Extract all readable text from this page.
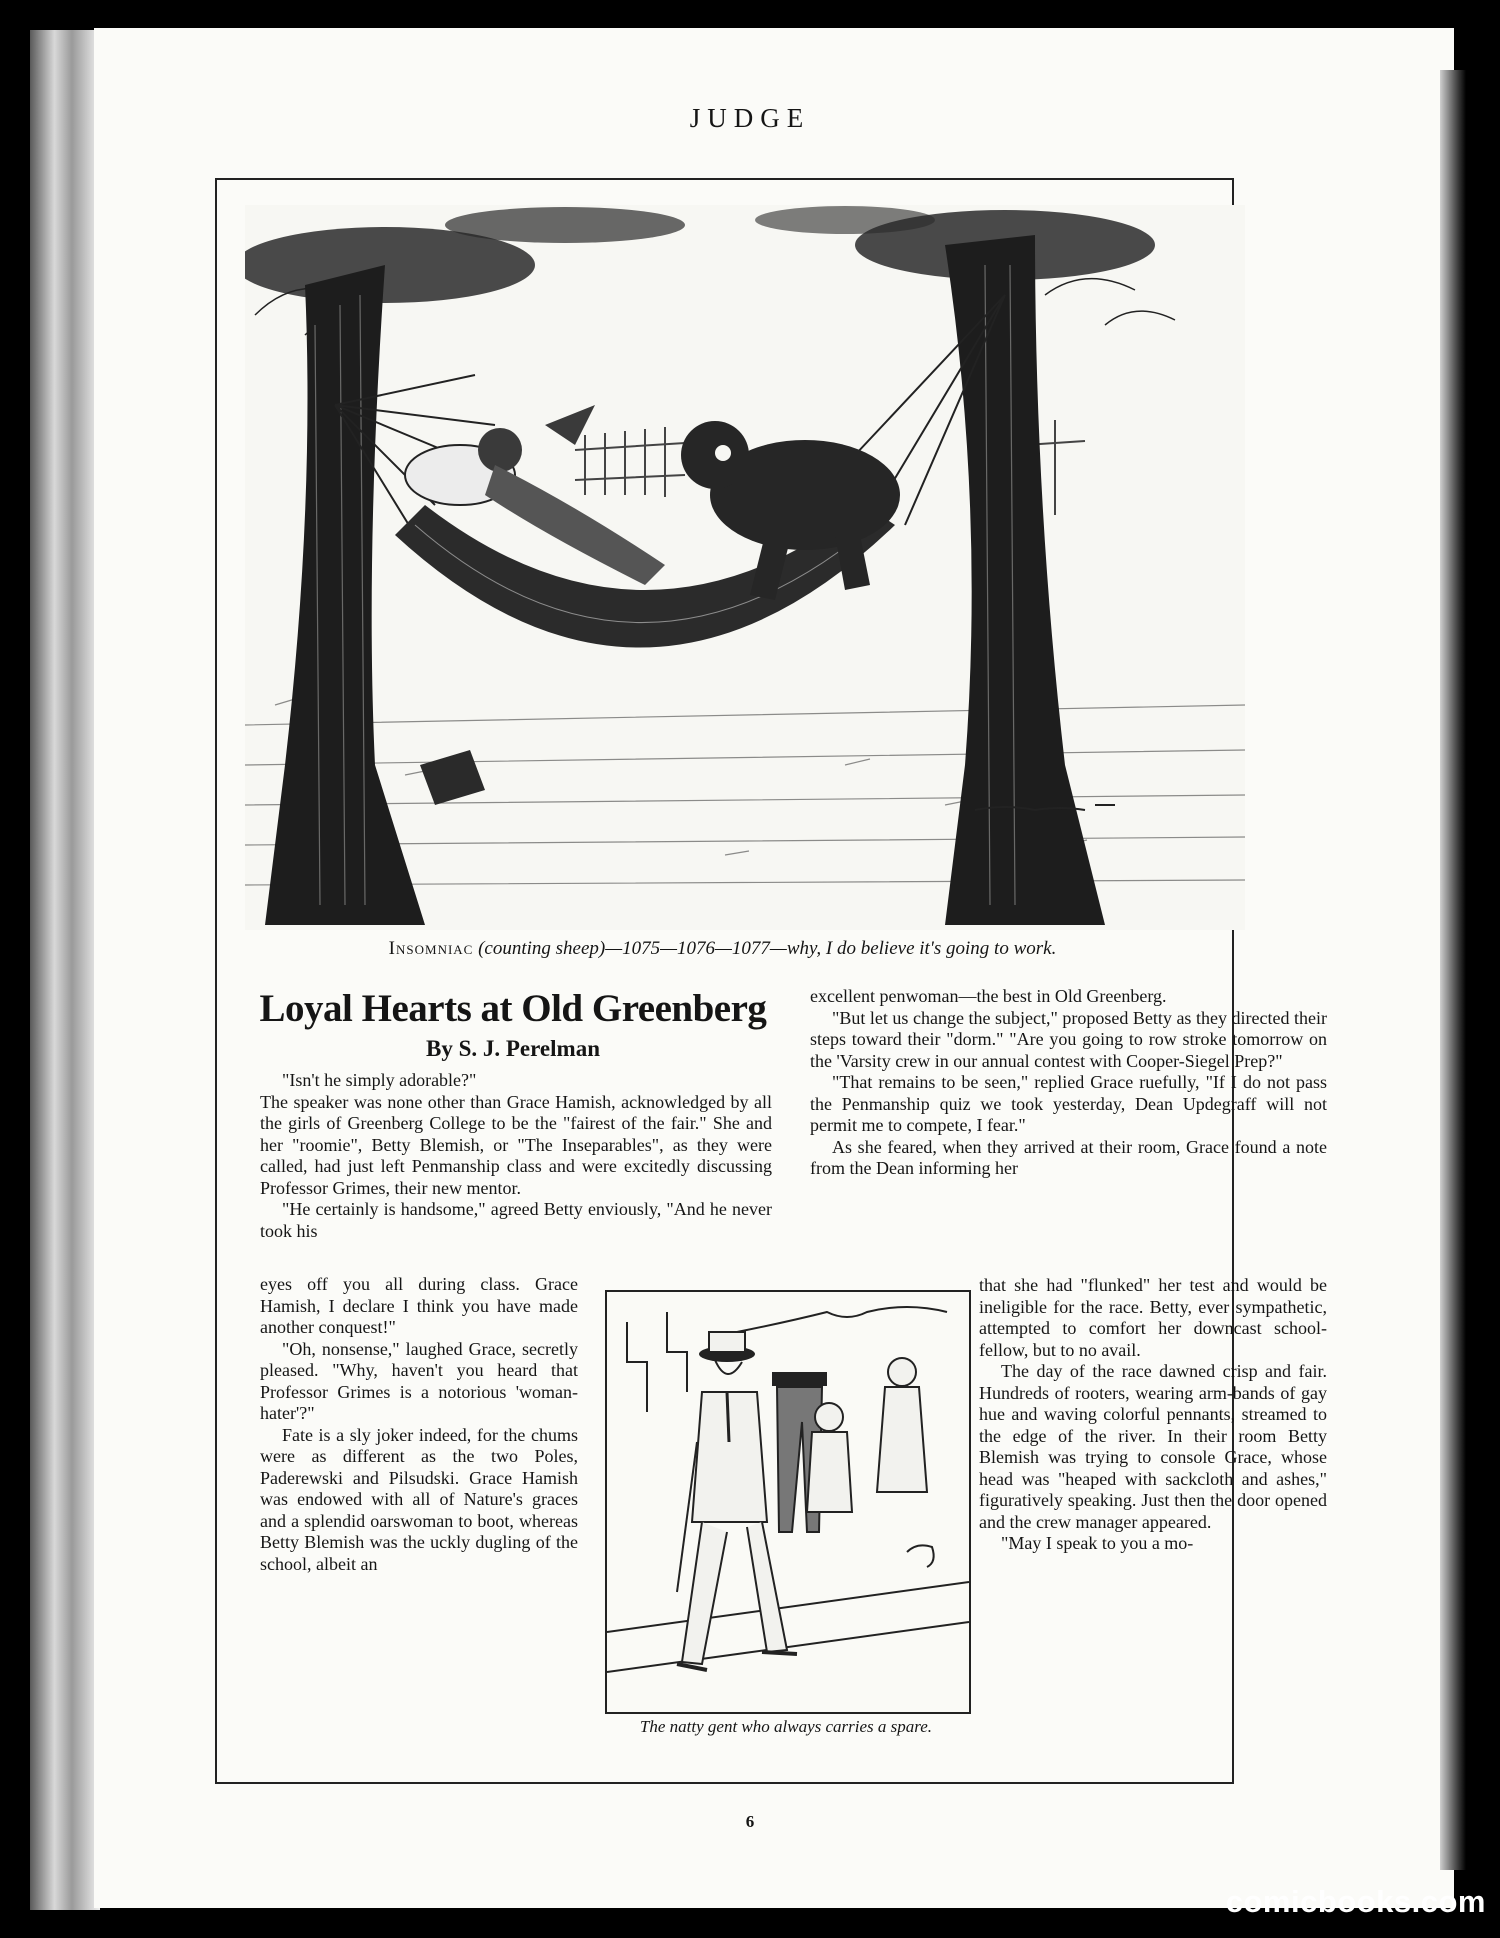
JUDGE
Insomniac (counting sheep)—1075—1076—1077—why, I do believe it's going to work.
Loyal Hearts at Old Greenberg
By S. J. Perelman

"Isn't he simply adorable?"

The speaker was none other than Grace Hamish, acknowledged by all the girls of Greenberg College to be the "fairest of the fair." She and her "roomie", Betty Blemish, or "The Inseparables", as they were called, had just left Penmanship class and were excitedly discussing Professor Grimes, their new mentor.

"He certainly is handsome," agreed Betty enviously, "And he never took his

eyes off you all during class. Grace Hamish, I declare I think you have made another conquest!"

"Oh, nonsense," laughed Grace, secretly pleased. "Why, haven't you heard that Professor Grimes is a notorious 'woman-hater'?"

Fate is a sly joker indeed, for the chums were as different as the two Poles, Paderewski and Pilsudski. Grace Hamish was endowed with all of Nature's graces and a splendid oarswoman to boot, whereas Betty Blemish was the uckly dugling of the school, albeit an

The natty gent who always carries a spare.

excellent penwoman—the best in Old Greenberg.

"But let us change the subject," proposed Betty as they directed their steps toward their "dorm." "Are you going to row stroke tomorrow on the 'Varsity crew in our annual contest with Cooper-Siegel Prep?"

"That remains to be seen," replied Grace ruefully, "If I do not pass the Penmanship quiz we took yesterday, Dean Updegraff will not permit me to compete, I fear."

As she feared, when they arrived at their room, Grace found a note from the Dean informing her

that she had "flunked" her test and would be ineligible for the race. Betty, ever sympathetic, attempted to comfort her downcast school-fellow, but to no avail.

The day of the race dawned crisp and fair. Hundreds of rooters, wearing arm-bands of gay hue and waving colorful pennants, streamed to the edge of the river. In their room Betty Blemish was trying to console Grace, whose head was "heaped with sackcloth and ashes," figuratively speaking. Just then the door opened and the crew manager appeared.

"May I speak to you a mo-

6
comicbooks.com
